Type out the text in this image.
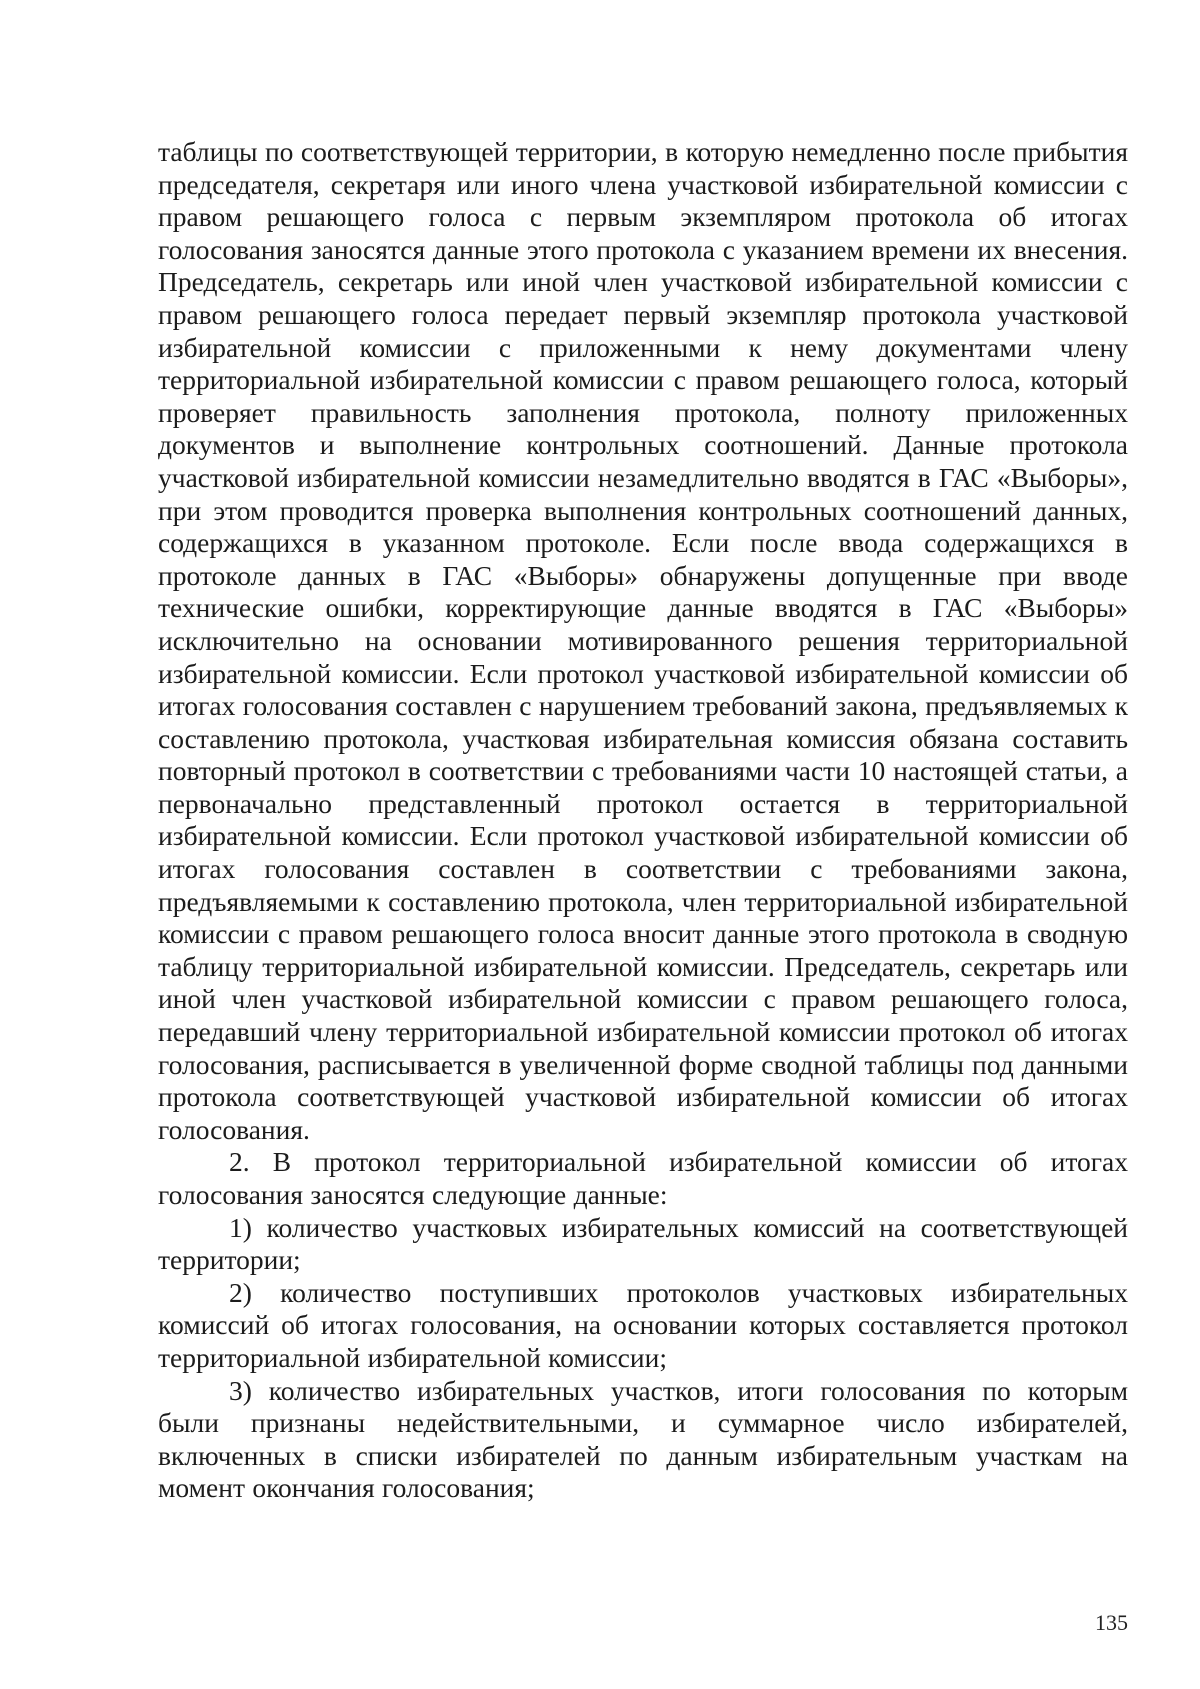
таблицы по соответствующей территории, в которую немедленно после прибытия председателя, секретаря или иного члена участковой избирательной комиссии с правом решающего голоса с первым экземпляром протокола об итогах голосования заносятся данные этого протокола с указанием времени их внесения. Председатель, секретарь или иной член участковой избирательной комиссии с правом решающего голоса передает первый экземпляр протокола участковой избирательной комиссии с приложенными к нему документами члену территориальной избирательной комиссии с правом решающего голоса, который проверяет правильность заполнения протокола, полноту приложенных документов и выполнение контрольных соотношений. Данные протокола участковой избирательной комиссии незамедлительно вводятся в ГАС «Выборы», при этом проводится проверка выполнения контрольных соотношений данных, содержащихся в указанном протоколе. Если после ввода содержащихся в протоколе данных в ГАС «Выборы» обнаружены допущенные при вводе технические ошибки, корректирующие данные вводятся в ГАС «Выборы» исключительно на основании мотивированного решения территориальной избирательной комиссии. Если протокол участковой избирательной комиссии об итогах голосования составлен с нарушением требований закона, предъявляемых к составлению протокола, участковая избирательная комиссия обязана составить повторный протокол в соответствии с требованиями части 10 настоящей статьи, а первоначально представленный протокол остается в территориальной избирательной комиссии. Если протокол участковой избирательной комиссии об итогах голосования составлен в соответствии с требованиями закона, предъявляемыми к составлению протокола, член территориальной избирательной комиссии с правом решающего голоса вносит данные этого протокола в сводную таблицу территориальной избирательной комиссии. Председатель, секретарь или иной член участковой избирательной комиссии с правом решающего голоса, передавший члену территориальной избирательной комиссии протокол об итогах голосования, расписывается в увеличенной форме сводной таблицы под данными протокола соответствующей участковой избирательной комиссии об итогах голосования.

2. В протокол территориальной избирательной комиссии об итогах голосования заносятся следующие данные:

1) количество участковых избирательных комиссий на соответствующей территории;

2) количество поступивших протоколов участковых избирательных комиссий об итогах голосования, на основании которых составляется протокол территориальной избирательной комиссии;

3) количество избирательных участков, итоги голосования по которым были признаны недействительными, и суммарное число избирателей, включенных в списки избирателей по данным избирательным участкам на момент окончания голосования;

135
